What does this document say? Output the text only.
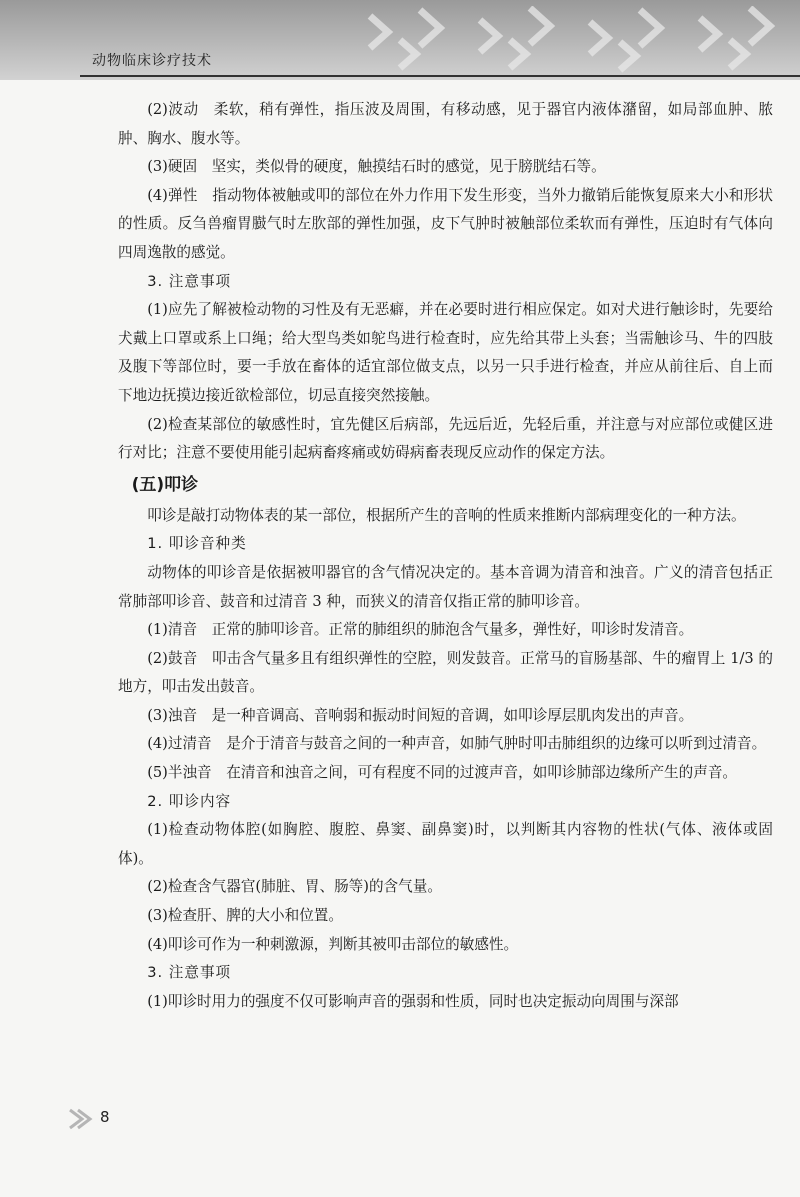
动物临床诊疗技术

(2)波动　柔软，稍有弹性，指压波及周围，有移动感，见于器官内液体潴留，如局部血肿、脓肿、胸水、腹水等。

(3)硬固　坚实，类似骨的硬度，触摸结石时的感觉，见于膀胱结石等。

(4)弹性　指动物体被触或叩的部位在外力作用下发生形变，当外力撤销后能恢复原来大小和形状的性质。反刍兽瘤胃臌气时左肷部的弹性加强，皮下气肿时被触部位柔软而有弹性，压迫时有气体向四周逸散的感觉。

3. 注意事项

(1)应先了解被检动物的习性及有无恶癖，并在必要时进行相应保定。如对犬进行触诊时，先要给犬戴上口罩或系上口绳；给大型鸟类如鸵鸟进行检查时，应先给其带上头套；当需触诊马、牛的四肢及腹下等部位时，要一手放在畜体的适宜部位做支点，以另一只手进行检查，并应从前往后、自上而下地边抚摸边接近欲检部位，切忌直接突然接触。

(2)检查某部位的敏感性时，宜先健区后病部，先远后近，先轻后重，并注意与对应部位或健区进行对比；注意不要使用能引起病畜疼痛或妨碍病畜表现反应动作的保定方法。

(五)叩诊

叩诊是敲打动物体表的某一部位，根据所产生的音响的性质来推断内部病理变化的一种方法。

1. 叩诊音种类

动物体的叩诊音是依据被叩器官的含气情况决定的。基本音调为清音和浊音。广义的清音包括正常肺部叩诊音、鼓音和过清音 3 种，而狭义的清音仅指正常的肺叩诊音。

(1)清音　正常的肺叩诊音。正常的肺组织的肺泡含气量多，弹性好，叩诊时发清音。

(2)鼓音　叩击含气量多且有组织弹性的空腔，则发鼓音。正常马的盲肠基部、牛的瘤胃上 1/3 的地方，叩击发出鼓音。

(3)浊音　是一种音调高、音响弱和振动时间短的音调，如叩诊厚层肌肉发出的声音。

(4)过清音　是介于清音与鼓音之间的一种声音，如肺气肿时叩击肺组织的边缘可以听到过清音。

(5)半浊音　在清音和浊音之间，可有程度不同的过渡声音，如叩诊肺部边缘所产生的声音。

2. 叩诊内容

(1)检查动物体腔(如胸腔、腹腔、鼻窦、副鼻窦)时，以判断其内容物的性状(气体、液体或固体)。

(2)检查含气器官(肺脏、胃、肠等)的含气量。

(3)检查肝、脾的大小和位置。

(4)叩诊可作为一种刺激源，判断其被叩击部位的敏感性。

3. 注意事项

(1)叩诊时用力的强度不仅可影响声音的强弱和性质，同时也决定振动向周围与深部

8
